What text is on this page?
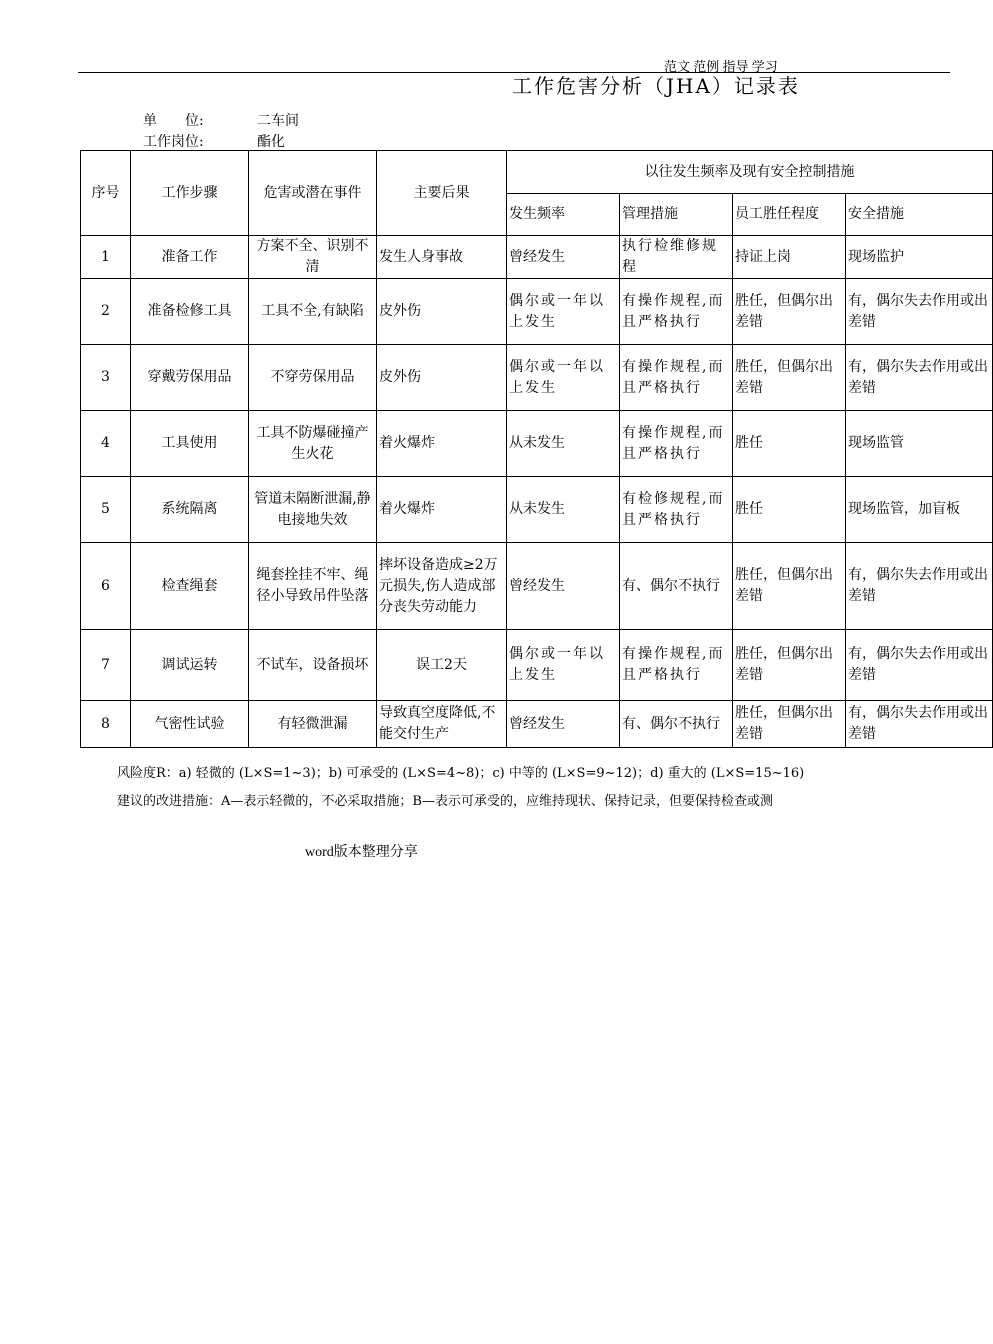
范文 范例 指导 学习
工作危害分析（JHA）记录表
单　　位:	二车间
工作岗位:	酯化
序号	工作步骤	危害或潜在事件	主要后果	以往发生频率及现有安全控制措施			
				发生频率	管理措施	员工胜任程度	安全措施
1	准备工作	方案不全、识别不清	发生人身事故	曾经发生	执行检维修规程	持证上岗	现场监护
2	准备检修工具	工具不全,有缺陷	皮外伤	偶尔或一年以上发生	有操作规程,而且严格执行	胜任，但偶尔出差错	有，偶尔失去作用或出差错
3	穿戴劳保用品	不穿劳保用品	皮外伤	偶尔或一年以上发生	有操作规程,而且严格执行	胜任，但偶尔出差错	有，偶尔失去作用或出差错
4	工具使用	工具不防爆碰撞产生火花	着火爆炸	从未发生	有操作规程,而且严格执行	胜任	现场监管
5	系统隔离	管道未隔断泄漏,静电接地失效	着火爆炸	从未发生	有检修规程,而且严格执行	胜任	现场监管，加盲板
6	检查绳套	绳套拴挂不牢、绳径小导致吊件坠落	摔坏设备造成≥2万元损失,伤人造成部分丧失劳动能力	曾经发生	有、偶尔不执行	胜任，但偶尔出差错	有，偶尔失去作用或出差错
7	调试运转	不试车，设备损坏	误工2天	偶尔或一年以上发生	有操作规程,而且严格执行	胜任，但偶尔出差错	有，偶尔失去作用或出差错
8	气密性试验	有轻微泄漏	导致真空度降低,不能交付生产	曾经发生	有、偶尔不执行	胜任，但偶尔出差错	有，偶尔失去作用或出差错
风险度R：a) 轻微的 (L×S=1~3)；b) 可承受的 (L×S=4~8)；c) 中等的 (L×S=9~12)；d) 重大的 (L×S=15~16)
建议的改进措施：A—表示轻微的，不必采取措施；B—表示可承受的，应维持现状、保持记录，但要保持检查或测
word版本整理分享
